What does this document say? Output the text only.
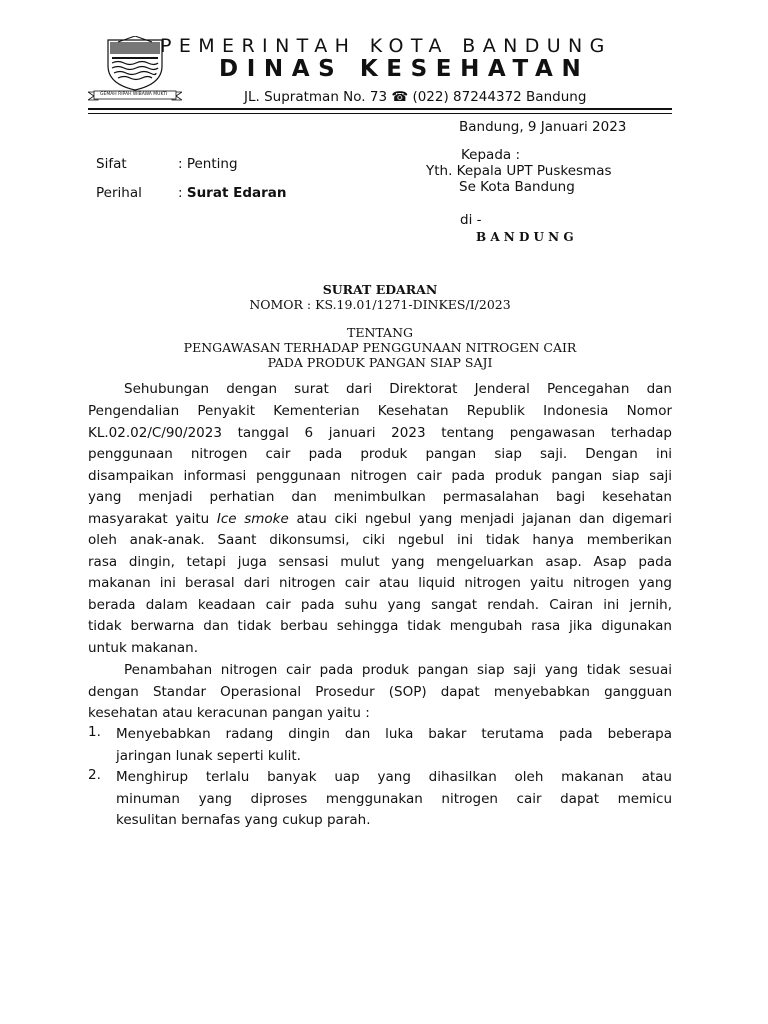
GEMAH RIPAH WIBAWA MUKTI
PEMERINTAH KOTA BANDUNG
DINAS KESEHATAN
JL. Supratman No. 73 ☎ (022) 87244372 Bandung
Bandung, 9 Januari 2023
Sifat	: Penting
Perihal	: Surat Edaran
Kepada :
Yth. Kepala UPT Puskesmas
Se Kota Bandung
di -
B A N D U N G
SURAT EDARAN
NOMOR : KS.19.01/1271-DINKES/I/2023
TENTANG
PENGAWASAN TERHADAP PENGGUNAAN NITROGEN CAIR
PADA PRODUK PANGAN SIAP SAJI
Sehubungan dengan surat dari Direktorat Jenderal Pencegahan dan
Pengendalian Penyakit Kementerian Kesehatan Republik Indonesia Nomor
KL.02.02/C/90/2023 tanggal 6 januari 2023 tentang pengawasan terhadap
penggunaan nitrogen cair pada produk pangan siap saji. Dengan ini
disampaikan informasi penggunaan nitrogen cair pada produk pangan siap saji
yang menjadi perhatian dan menimbulkan permasalahan bagi kesehatan
masyarakat yaitu Ice smoke atau ciki ngebul yang menjadi jajanan dan digemari
oleh anak-anak. Saant dikonsumsi, ciki ngebul ini tidak hanya memberikan
rasa dingin, tetapi juga sensasi mulut yang mengeluarkan asap. Asap pada
makanan ini berasal dari nitrogen cair atau liquid nitrogen yaitu nitrogen yang
berada dalam keadaan cair pada suhu yang sangat rendah. Cairan ini jernih,
tidak berwarna dan tidak berbau sehingga tidak mengubah rasa jika digunakan
untuk makanan.
Penambahan nitrogen cair pada produk pangan siap saji yang tidak sesuai
dengan Standar Operasional Prosedur (SOP) dapat menyebabkan gangguan
kesehatan atau keracunan pangan yaitu :
1. Menyebabkan radang dingin dan luka bakar terutama pada beberapa
jaringan lunak seperti kulit.
2. Menghirup terlalu banyak uap yang dihasilkan oleh makanan atau
minuman yang diproses menggunakan nitrogen cair dapat memicu
kesulitan bernafas yang cukup parah.
